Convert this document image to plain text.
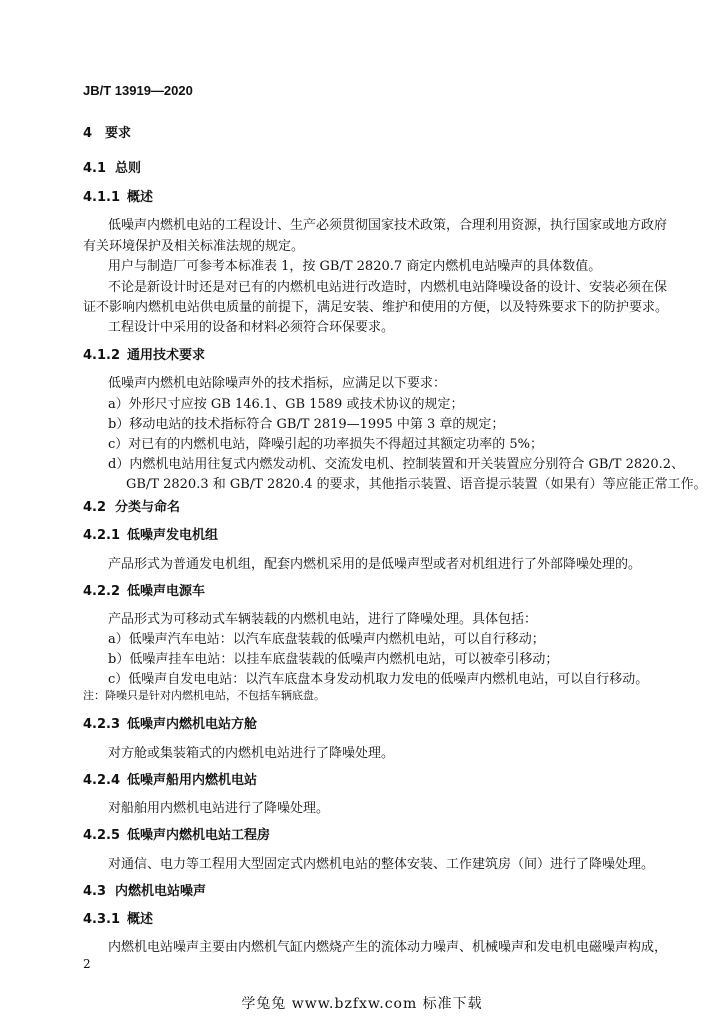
JB/T 13919—2020
4 要求
4.1 总则
4.1.1 概述
低噪声内燃机电站的工程设计、生产必须贯彻国家技术政策，合理利用资源，执行国家或地方政府
有关环境保护及相关标准法规的规定。
用户与制造厂可参考本标准表 1，按 GB/T 2820.7 商定内燃机电站噪声的具体数值。
不论是新设计时还是对已有的内燃机电站进行改造时，内燃机电站降噪设备的设计、安装必须在保
证不影响内燃机电站供电质量的前提下，满足安装、维护和使用的方便，以及特殊要求下的防护要求。
工程设计中采用的设备和材料必须符合环保要求。
4.1.2 通用技术要求
低噪声内燃机电站除噪声外的技术指标，应满足以下要求：
a）外形尺寸应按 GB 146.1、GB 1589 或技术协议的规定；
b）移动电站的技术指标符合 GB/T 2819—1995 中第 3 章的规定；
c）对已有的内燃机电站，降噪引起的功率损失不得超过其额定功率的 5%；
d）内燃机电站用往复式内燃发动机、交流发电机、控制装置和开关装置应分别符合 GB/T 2820.2、
GB/T 2820.3 和 GB/T 2820.4 的要求，其他指示装置、语音提示装置（如果有）等应能正常工作。
4.2 分类与命名
4.2.1 低噪声发电机组
产品形式为普通发电机组，配套内燃机采用的是低噪声型或者对机组进行了外部降噪处理的。
4.2.2 低噪声电源车
产品形式为可移动式车辆装载的内燃机电站，进行了降噪处理。具体包括：
a）低噪声汽车电站：以汽车底盘装载的低噪声内燃机电站，可以自行移动；
b）低噪声挂车电站：以挂车底盘装载的低噪声内燃机电站，可以被牵引移动；
c）低噪声自发电电站：以汽车底盘本身发动机取力发电的低噪声内燃机电站，可以自行移动。
注：降噪只是针对内燃机电站，不包括车辆底盘。
4.2.3 低噪声内燃机电站方舱
对方舱或集装箱式的内燃机电站进行了降噪处理。
4.2.4 低噪声船用内燃机电站
对船舶用内燃机电站进行了降噪处理。
4.2.5 低噪声内燃机电站工程房
对通信、电力等工程用大型固定式内燃机电站的整体安装、工作建筑房（间）进行了降噪处理。
4.3 内燃机电站噪声
4.3.1 概述
内燃机电站噪声主要由内燃机气缸内燃烧产生的流体动力噪声、机械噪声和发电机电磁噪声构成，
2
学兔兔 www.bzfxw.com 标准下载
